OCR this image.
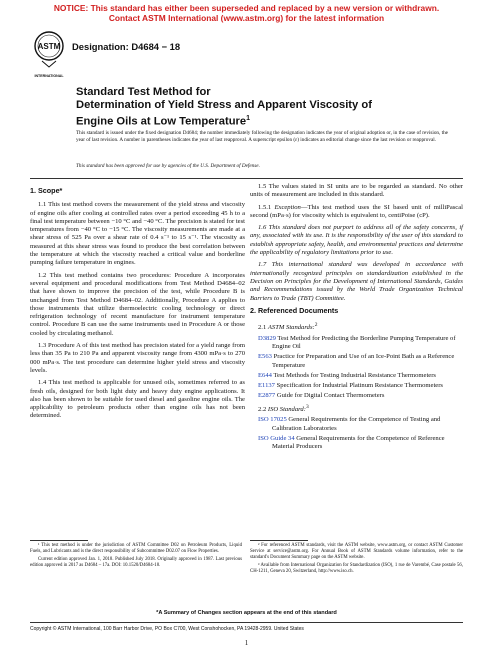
NOTICE: This standard has either been superseded and replaced by a new version or withdrawn.
Contact ASTM International (www.astm.org) for the latest information
ASTM
INTERNATIONAL
Designation: D4684 − 18
Standard Test Method for
Determination of Yield Stress and Apparent Viscosity of
Engine Oils at Low Temperature$^1$
This standard is issued under the fixed designation D4684; the number immediately following the designation indicates the year of original adoption or, in the case of revision, the year of last revision. A number in parentheses indicates the year of last reapproval. A superscript epsilon (ε) indicates an editorial change since the last revision or reapproval.
This standard has been approved for use by agencies of the U.S. Department of Defense.
1. Scope*

1.1 This test method covers the measurement of the yield stress and viscosity of engine oils after cooling at controlled rates over a period exceeding 45 h to a final test temperature between −10 °C and −40 °C. The precision is stated for test temperatures from −40 °C to −15 °C. The viscosity measurements are made at a shear stress of 525 Pa over a shear rate of 0.4 s⁻¹ to 15 s⁻¹. The viscosity as measured at this shear stress was found to produce the best correlation between the temperature at which the viscosity reached a critical value and borderline pumping failure temperature in engines.

1.2 This test method contains two procedures: Procedure A incorporates several equipment and procedural modifications from Test Method D4684–02 that have shown to improve the precision of the test, while Procedure B is unchanged from Test Method D4684–02. Additionally, Procedure A applies to those instruments that utilize thermoelectric cooling technology or direct refrigeration technology of recent manufacture for instrument temperature control. Procedure B can use the same instruments used in Procedure A or those cooled by circulating methanol.

1.3 Procedure A of this test method has precision stated for a yield range from less than 35 Pa to 210 Pa and apparent viscosity range from 4300 mPa·s to 270 000 mPa·s. The test procedure can determine higher yield stress and viscosity levels.

1.4 This test method is applicable for unused oils, sometimes referred to as fresh oils, designed for both light duty and heavy duty engine applications. It also has been shown to be suitable for used diesel and gasoline engine oils. The applicability to petroleum products other than engine oils has not been determined.

1.5 The values stated in SI units are to be regarded as standard. No other units of measurement are included in this standard.

1.5.1 Exception—This test method uses the SI based unit of milliPascal second (mPa·s) for viscosity which is equivalent to, centiPoise (cP).

1.6 This standard does not purport to address all of the safety concerns, if any, associated with its use. It is the responsibility of the user of this standard to establish appropriate safety, health, and environmental practices and determine the applicability of regulatory limitations prior to use.

1.7 This international standard was developed in accordance with internationally recognized principles on standardization established in the Decision on Principles for the Development of International Standards, Guides and Recommendations issued by the World Trade Organization Technical Barriers to Trade (TBT) Committee.

2. Referenced Documents
2.1 ASTM Standards:$^2$
D3829 Test Method for Predicting the Borderline Pumping Temperature of Engine Oil
E563 Practice for Preparation and Use of an Ice-Point Bath as a Reference Temperature
E644 Test Methods for Testing Industrial Resistance Thermometers
E1137 Specification for Industrial Platinum Resistance Thermometers
E2877 Guide for Digital Contact Thermometers
2.2 ISO Standard:$^3$
ISO 17025 General Requirements for the Competence of Testing and Calibration Laboratories
ISO Guide 34 General Requirements for the Competence of Reference Material Producers

¹ This test method is under the jurisdiction of ASTM Committee D02 on Petroleum Products, Liquid Fuels, and Lubricants and is the direct responsibility of Subcommittee D02.07 on Flow Properties.

Current edition approved Jan. 1, 2018. Published July 2018. Originally approved in 1987. Last previous edition approved in 2017 as D4684 – 17a. DOI: 10.1520/D4684-18.

² For referenced ASTM standards, visit the ASTM website, www.astm.org, or contact ASTM Customer Service at service@astm.org. For Annual Book of ASTM Standards volume information, refer to the standard's Document Summary page on the ASTM website.

³ Available from International Organization for Standardization (ISO), 1 rue de Varembé, Case postale 56, CH-1211, Geneva 20, Switzerland, http://www.iso.ch.

*A Summary of Changes section appears at the end of this standard
Copyright © ASTM International, 100 Barr Harbor Drive, PO Box C700, West Conshohocken, PA 19428-2959. United States
1
